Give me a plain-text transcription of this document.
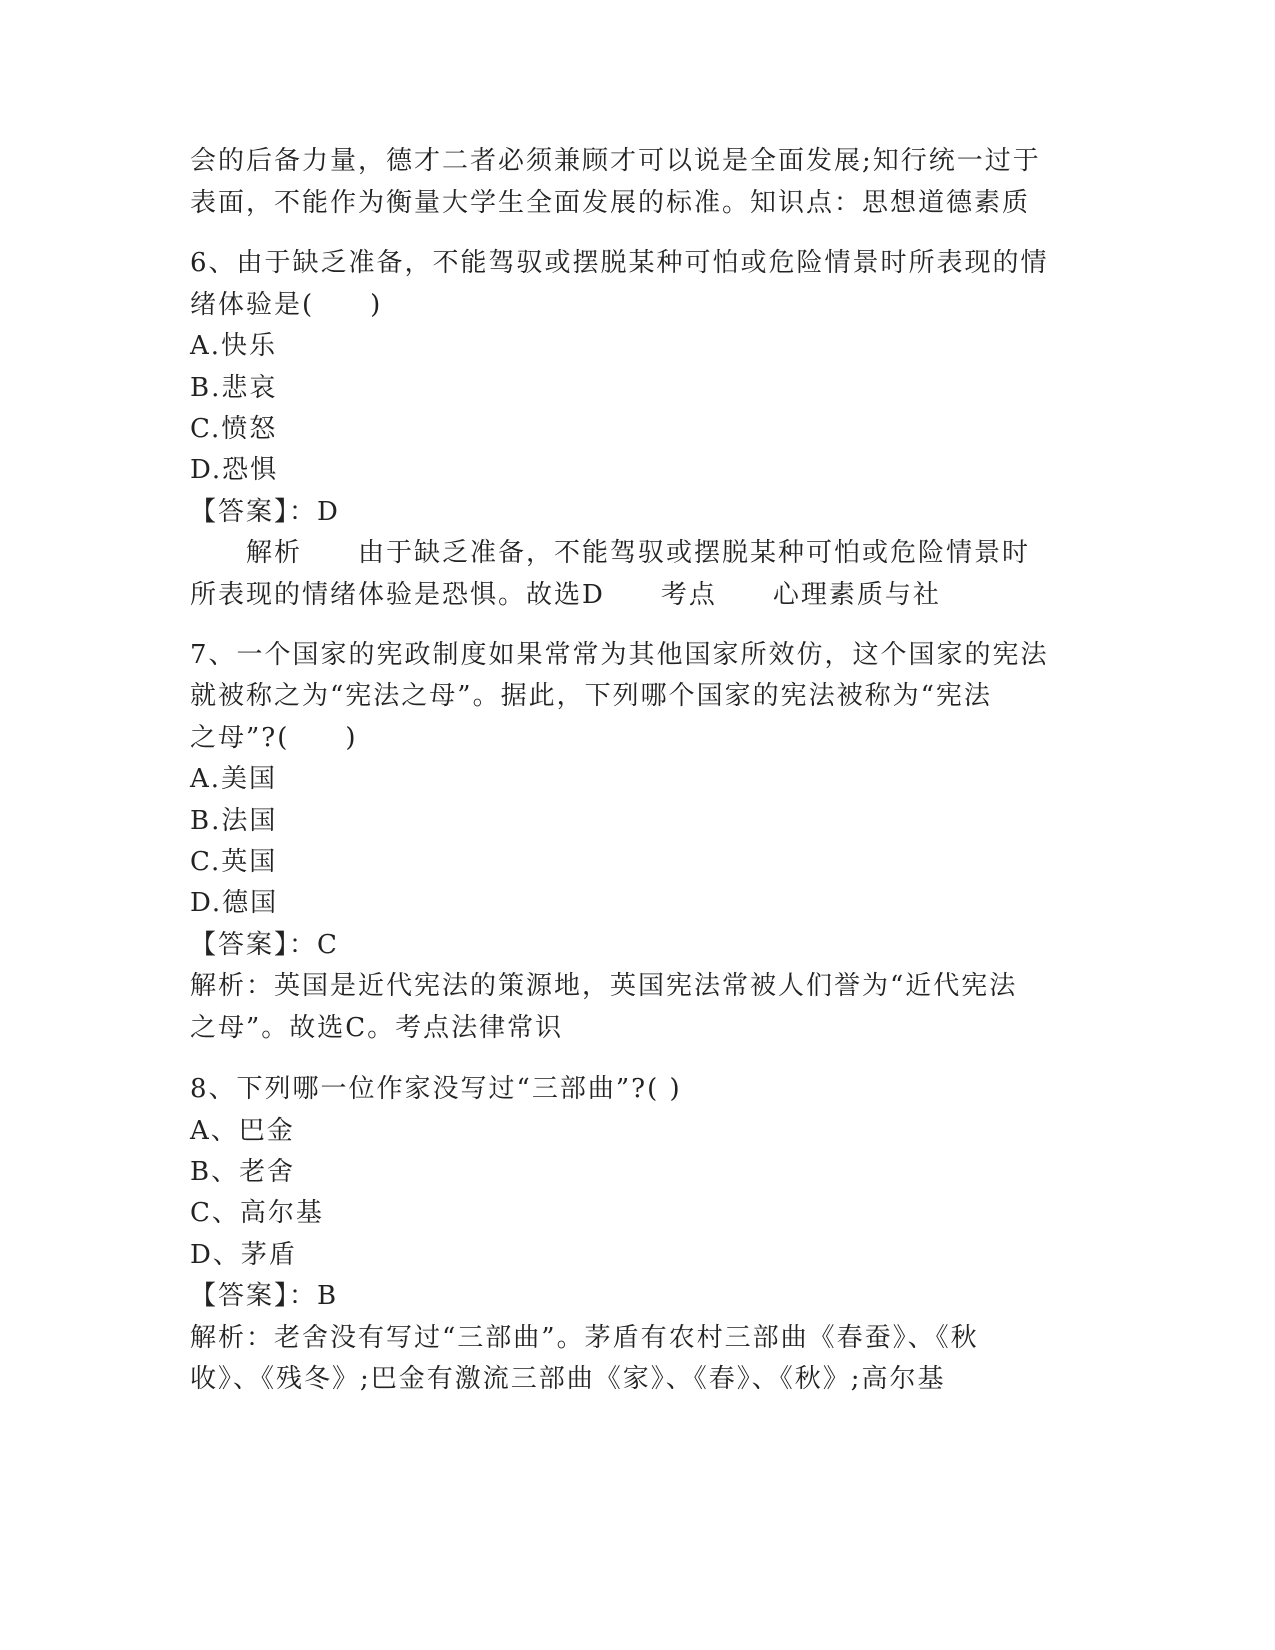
会的后备力量，德才二者必须兼顾才可以说是全面发展;知行统一过于
表面，不能作为衡量大学生全面发展的标准。知识点：思想道德素质
6、由于缺乏准备，不能驾驭或摆脱某种可怕或危险情景时所表现的情
绪体验是(　　)
A.快乐
B.悲哀
C.愤怒
D.恐惧
【答案】：D
解析　　由于缺乏准备，不能驾驭或摆脱某种可怕或危险情景时
所表现的情绪体验是恐惧。故选D　　考点　　心理素质与社
7、一个国家的宪政制度如果常常为其他国家所效仿，这个国家的宪法
就被称之为“宪法之母”。据此，下列哪个国家的宪法被称为“宪法
之母”?(　　)
A.美国
B.法国
C.英国
D.德国
【答案】：C
解析：英国是近代宪法的策源地，英国宪法常被人们誉为“近代宪法
之母”。故选C。考点法律常识
8、下列哪一位作家没写过“三部曲”?( )
A、巴金
B、老舍
C、高尔基
D、茅盾
【答案】：B
解析：老舍没有写过“三部曲”。茅盾有农村三部曲《春蚕》、《秋
收》、《残冬》;巴金有激流三部曲《家》、《春》、《秋》;高尔基
